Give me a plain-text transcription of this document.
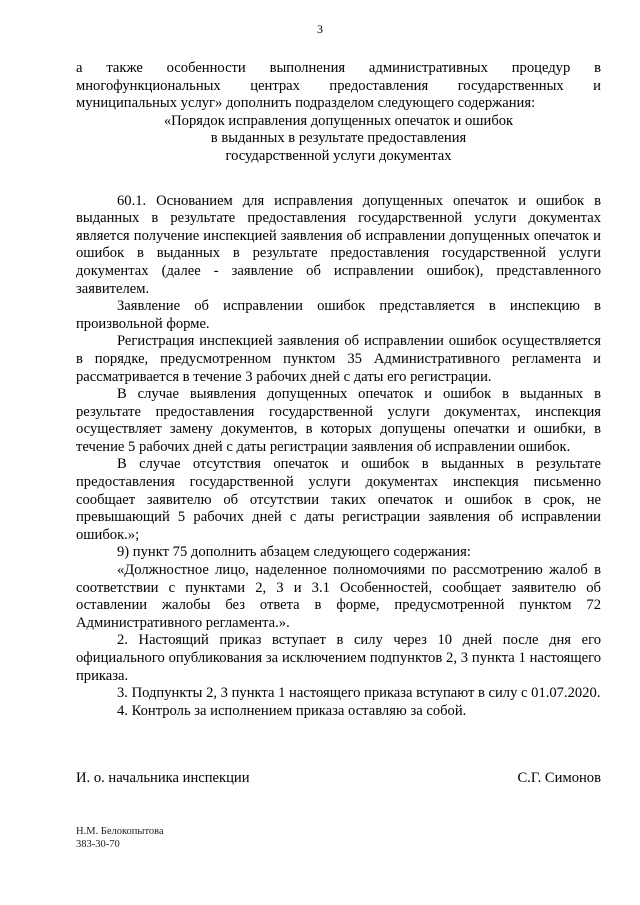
3

а также особенности выполнения административных процедур в многофункциональных центрах предоставления государственных и муниципальных услуг» дополнить подразделом следующего содержания:

«Порядок исправления допущенных опечаток и ошибок

в выданных в результате предоставления

государственной услуги документах

60.1. Основанием для исправления допущенных опечаток и ошибок в выданных в результате предоставления государственной услуги документах является получение инспекцией заявления об исправлении допущенных опечаток и ошибок в выданных в результате предоставления государственной услуги документах (далее - заявление об исправлении ошибок), представленного заявителем.

Заявление об исправлении ошибок представляется в инспекцию в произвольной форме.

Регистрация инспекцией заявления об исправлении ошибок осуществляется в порядке, предусмотренном пунктом 35 Административного регламента и рассматривается в течение 3 рабочих дней с даты его регистрации.

В случае выявления допущенных опечаток и ошибок в выданных в результате предоставления государственной услуги документах, инспекция осуществляет замену документов, в которых допущены опечатки и ошибки, в течение 5 рабочих дней с даты регистрации заявления об исправлении ошибок.

В случае отсутствия опечаток и ошибок в выданных в результате предоставления государственной услуги документах инспекция письменно сообщает заявителю об отсутствии таких опечаток и ошибок в срок, не превышающий 5 рабочих дней с даты регистрации заявления об исправлении ошибок.»;

9) пункт 75 дополнить абзацем следующего содержания:

«Должностное лицо, наделенное полномочиями по рассмотрению жалоб в соответствии с пунктами 2, 3 и 3.1 Особенностей, сообщает заявителю об оставлении жалобы без ответа в форме, предусмотренной пунктом 72 Административного регламента.».

2. Настоящий приказ вступает в силу через 10 дней после дня его официального опубликования за исключением подпунктов 2, 3 пункта 1 настоящего приказа.

3. Подпункты 2, 3 пункта 1 настоящего приказа вступают в силу с 01.07.2020.

4. Контроль за исполнением приказа оставляю за собой.

И. о. начальника инспекции	С.Г. Симонов
Н.М. Белокопытова
383-30-70
